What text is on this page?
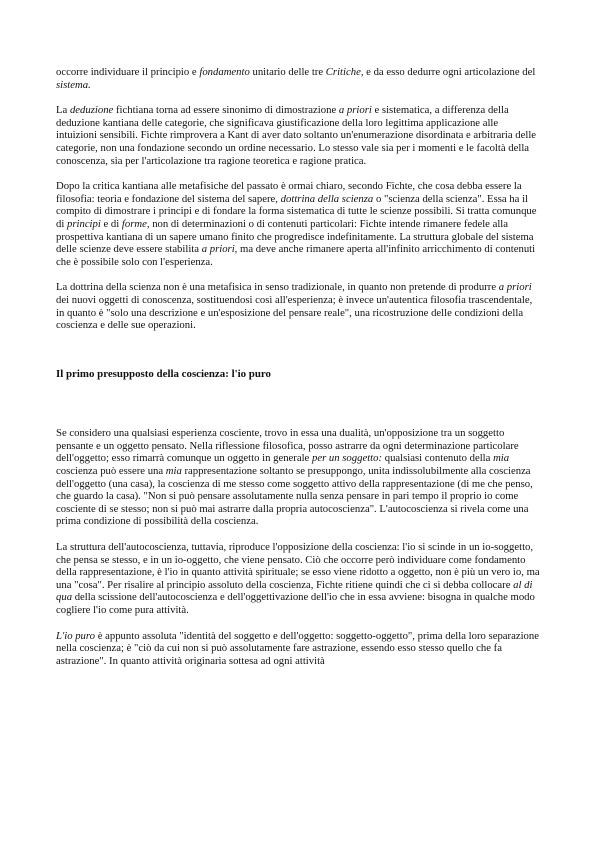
occorre individuare il principio e fondamento unitario delle tre Critiche, e da esso dedurre ogni articolazione del sistema.

La deduzione fichtiana torna ad essere sinonimo di dimostrazione a priori e sistematica, a differenza della deduzione kantiana delle categorie, che significava giustificazione della loro legittima applicazione alle intuizioni sensibili. Fichte rimprovera a Kant di aver dato soltanto un'enumerazione disordinata e arbitraria delle categorie, non una fondazione secondo un ordine necessario. Lo stesso vale sia per i momenti e le facoltà della conoscenza, sia per l'articolazione tra ragione teoretica e ragione pratica.

Dopo la critica kantiana alle metafisiche del passato è ormai chiaro, secondo Fichte, che cosa debba essere la filosofia: teoria e fondazione del sistema del sapere, dottrina della scienza o "scienza della scienza". Essa ha il compito di dimostrare i principi e di fondare la forma sistematica di tutte le scienze possibili. Si tratta comunque di principi e di forme, non di determinazioni o di contenuti particolari: Fichte intende rimanere fedele alla prospettiva kantiana di un sapere umano finito che progredisce indefinitamente. La struttura globale del sistema delle scienze deve essere stabilita a priori, ma deve anche rimanere aperta all'infinito arricchimento di contenuti che è possibile solo con l'esperienza.

La dottrina della scienza non è una metafisica in senso tradizionale, in quanto non pretende di produrre a priori dei nuovi oggetti di conoscenza, sostituendosi così all'esperienza; è invece un'autentica filosofia trascendentale, in quanto è "solo una descrizione e un'esposizione del pensare reale", una ricostruzione delle condizioni della coscienza e delle sue operazioni.

Il primo presupposto della coscienza: l'io puro

Se considero una qualsiasi esperienza cosciente, trovo in essa una dualità, un'opposizione tra un soggetto pensante e un oggetto pensato. Nella riflessione filosofica, posso astrarre da ogni determinazione particolare dell'oggetto; esso rimarrà comunque un oggetto in generale per un soggetto: qualsiasi contenuto della mia coscienza può essere una mia rappresentazione soltanto se presuppongo, unita indissolubilmente alla coscienza dell'oggetto (una casa), la coscienza di me stesso come soggetto attivo della rappresentazione (di me che penso, che guardo la casa). "Non si può pensare assolutamente nulla senza pensare in pari tempo il proprio io come cosciente di se stesso; non si può mai astrarre dalla propria autocoscienza". L'autocoscienza si rivela come una prima condizione di possibilità della coscienza.

La struttura dell'autocoscienza, tuttavia, riproduce l'opposizione della coscienza: l'io si scinde in un io-soggetto, che pensa se stesso, e in un io-oggetto, che viene pensato. Ciò che occorre però individuare come fondamento della rappresentazione, è l'io in quanto attività spirituale; se esso viene ridotto a oggetto, non è più un vero io, ma una "cosa". Per risalire al principio assoluto della coscienza, Fichte ritiene quindi che ci si debba collocare al di qua della scissione dell'autocoscienza e dell'oggettivazione dell'io che in essa avviene: bisogna in qualche modo cogliere l'io come pura attività.

L'io puro è appunto assoluta "identità del soggetto e dell'oggetto: soggetto-oggetto", prima della loro separazione nella coscienza; è "ciò da cui non si può assolutamente fare astrazione, essendo esso stesso quello che fa astrazione". In quanto attività originaria sottesa ad ogni attività
